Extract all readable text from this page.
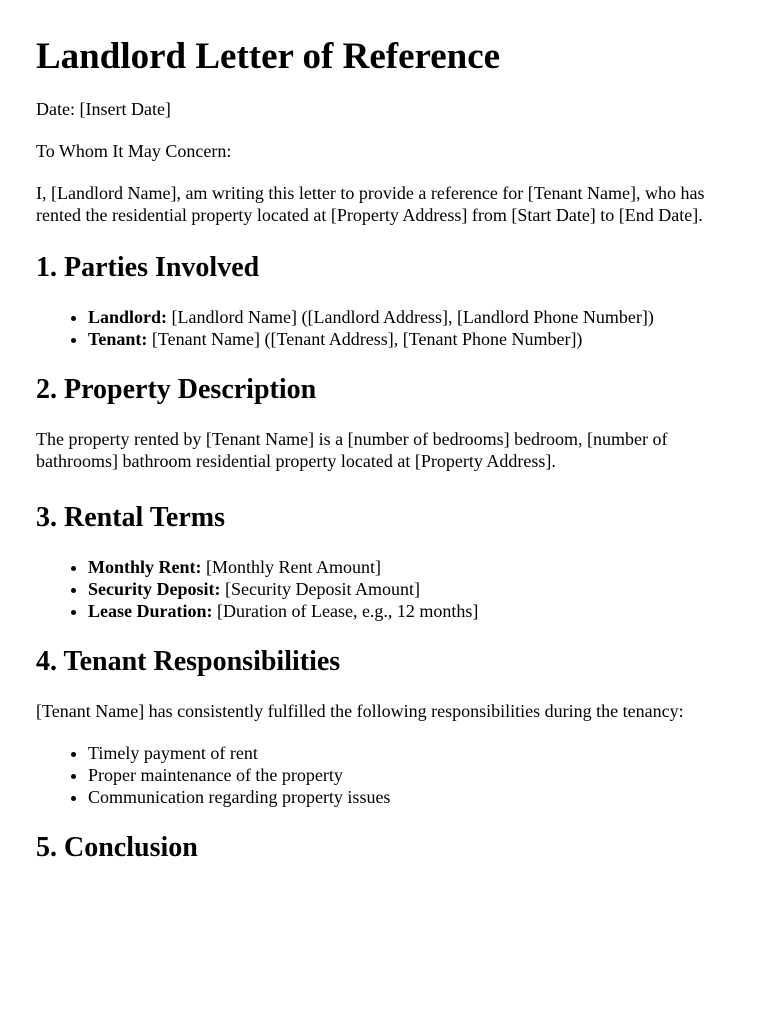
Landlord Letter of Reference

Date: [Insert Date]

To Whom It May Concern:

I, [Landlord Name], am writing this letter to provide a reference for [Tenant Name], who has rented the residential property located at [Property Address] from [Start Date] to [End Date].

1. Parties Involved
• Landlord: [Landlord Name] ([Landlord Address], [Landlord Phone Number])
• Tenant: [Tenant Name] ([Tenant Address], [Tenant Phone Number])
2. Property Description

The property rented by [Tenant Name] is a [number of bedrooms] bedroom, [number of bathrooms] bathroom residential property located at [Property Address].

3. Rental Terms
• Monthly Rent: [Monthly Rent Amount]
• Security Deposit: [Security Deposit Amount]
• Lease Duration: [Duration of Lease, e.g., 12 months]
4. Tenant Responsibilities

[Tenant Name] has consistently fulfilled the following responsibilities during the tenancy:

• Timely payment of rent
• Proper maintenance of the property
• Communication regarding property issues
5. Conclusion
